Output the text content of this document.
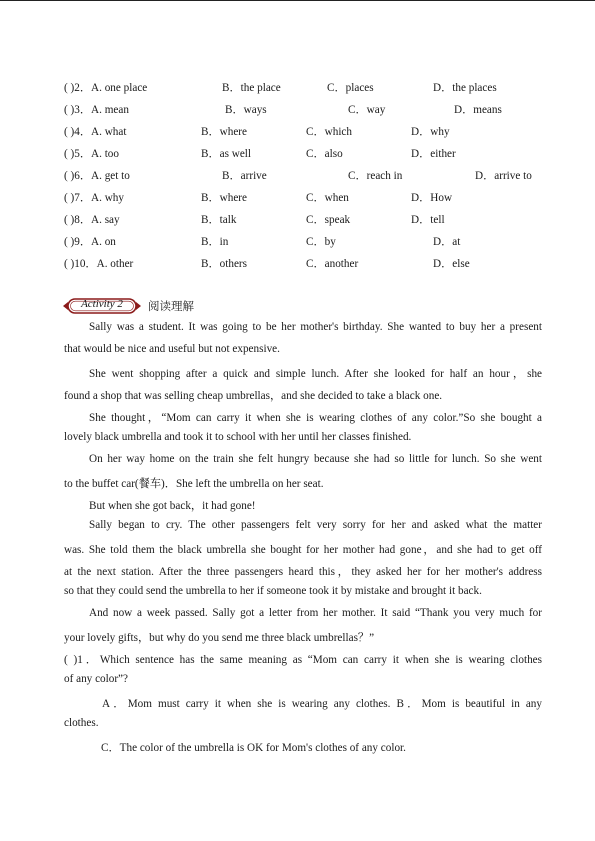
( )2．A. one place	B．the place	C．places	D．the places
( )3．A. mean	B．ways	C．way	D．means
( )4．A. what	B．where	C．which	D．why
( )5．A. too	B．as well	C．also	D．either
( )6．A. get to	B．arrive	C．reach in	D．arrive to
( )7．A. why	B．where	C．when	D．How
( )8．A. say	B．talk	C．speak	D．tell
( )9．A. on	B．in	C．by	D．at
( )10．A. other	B．others	C．another	D．else
Activity 2	阅读理解
Sally was a student. It was going to be her mother's birthday. She wanted to buy her a present
that would be nice and useful but not expensive.
She went shopping after a quick and simple lunch. After she looked for half an hour，she
found a shop that was selling cheap umbrellas，and she decided to take a black one.
She thought，“Mom can carry it when she is wearing clothes of any color.”So she bought a
lovely black umbrella and took it to school with her until her classes finished.
On her way home on the train she felt hungry because she had so little for lunch. So she went
to the buffet car(餐车)．She left the umbrella on her seat.
But when she got back，it had gone!
Sally began to cry. The other passengers felt very sorry for her and asked what the matter
was. She told them the black umbrella she bought for her mother had gone，and she had to get off
at the next station. After the three passengers heard this，they asked her for her mother's address
so that they could send the umbrella to her if someone took it by mistake and brought it back.
And now a week passed. Sally got a letter from her mother. It said “Thank you very much for
your lovely gifts，but why do you send me three black umbrellas？”
( )1．Which sentence has the same meaning as “Mom can carry it when she is wearing clothes
of any color”?
A．Mom must carry it when she is wearing any clothes. B．Mom is beautiful in any
clothes.
C．The color of the umbrella is OK for Mom's clothes of any color.
